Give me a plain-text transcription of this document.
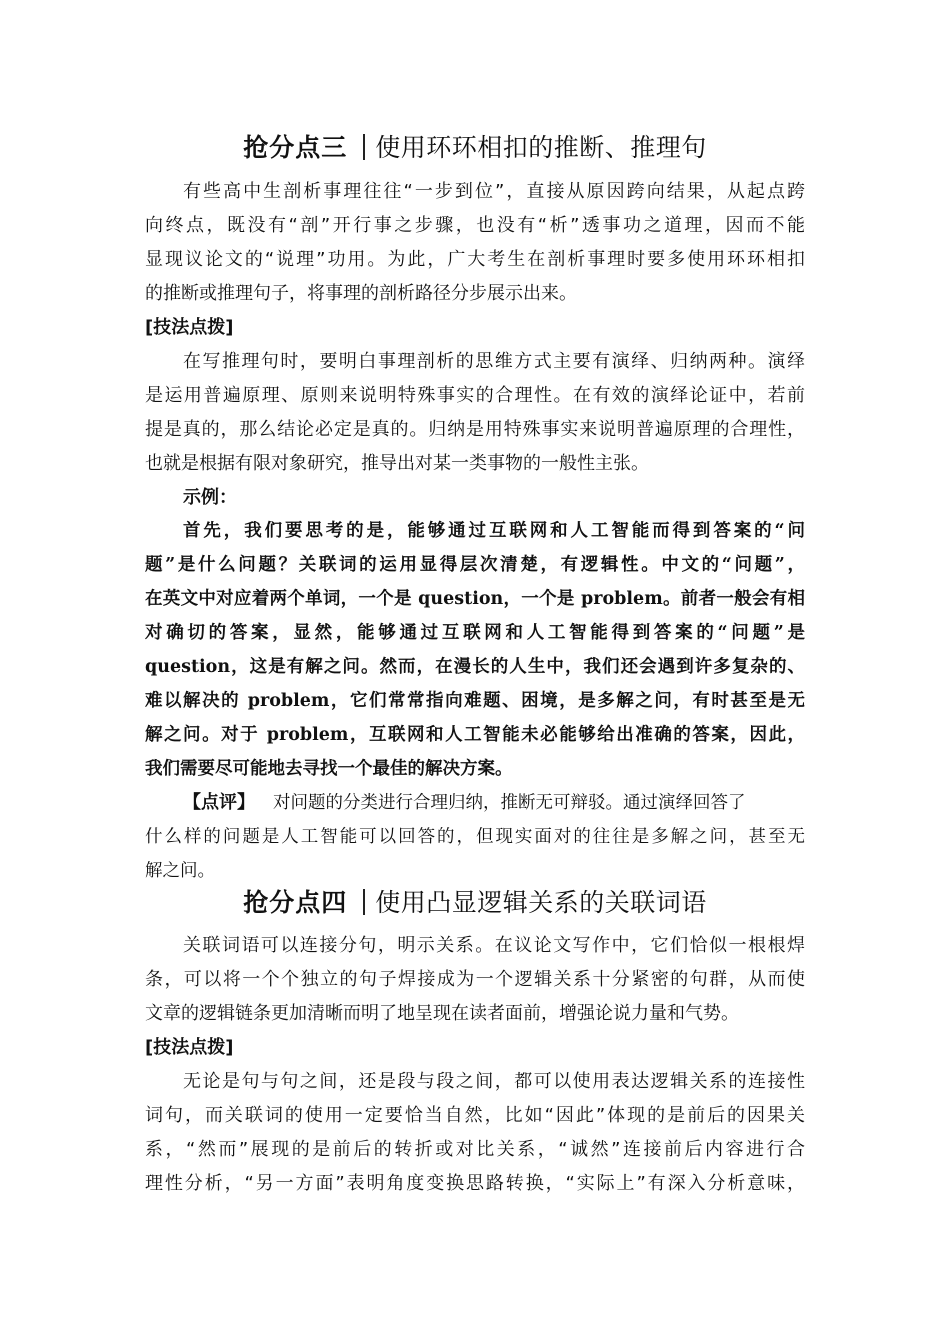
抢分点三 使用环环相扣的推断、推理句
有些高中生剖析事理往往“一步到位”，直接从原因跨向结果，从起点跨
向终点，既没有“剖”开行事之步骤，也没有“析”透事功之道理，因而不能
显现议论文的“说理”功用。为此，广大考生在剖析事理时要多使用环环相扣
的推断或推理句子，将事理的剖析路径分步展示出来。
[技法点拨]
在写推理句时，要明白事理剖析的思维方式主要有演绎、归纳两种。演绎
是运用普遍原理、原则来说明特殊事实的合理性。在有效的演绎论证中，若前
提是真的，那么结论必定是真的。归纳是用特殊事实来说明普遍原理的合理性，
也就是根据有限对象研究，推导出对某一类事物的一般性主张。
示例：
首先，我们要思考的是，能够通过互联网和人工智能而得到答案的“问
题”是什么问题？关联词的运用显得层次清楚，有逻辑性。中文的“问题”，
在英文中对应着两个单词，一个是 question，一个是 problem。前者一般会有相
对确切的答案，显然，能够通过互联网和人工智能得到答案的“问题”是
question，这是有解之问。然而，在漫长的人生中，我们还会遇到许多复杂的、
难以解决的 problem，它们常常指向难题、困境，是多解之问，有时甚至是无
解之问。对于 problem，互联网和人工智能未必能够给出准确的答案，因此，
我们需要尽可能地去寻找一个最佳的解决方案。
【点评】 对问题的分类进行合理归纳，推断无可辩驳。通过演绎回答了
什么样的问题是人工智能可以回答的，但现实面对的往往是多解之问，甚至无
解之问。
抢分点四 使用凸显逻辑关系的关联词语
关联词语可以连接分句，明示关系。在议论文写作中，它们恰似一根根焊
条，可以将一个个独立的句子焊接成为一个逻辑关系十分紧密的句群，从而使
文章的逻辑链条更加清晰而明了地呈现在读者面前，增强论说力量和气势。
[技法点拨]
无论是句与句之间，还是段与段之间，都可以使用表达逻辑关系的连接性
词句，而关联词的使用一定要恰当自然，比如“因此”体现的是前后的因果关
系，“然而”展现的是前后的转折或对比关系，“诚然”连接前后内容进行合
理性分析，“另一方面”表明角度变换思路转换，“实际上”有深入分析意味，
